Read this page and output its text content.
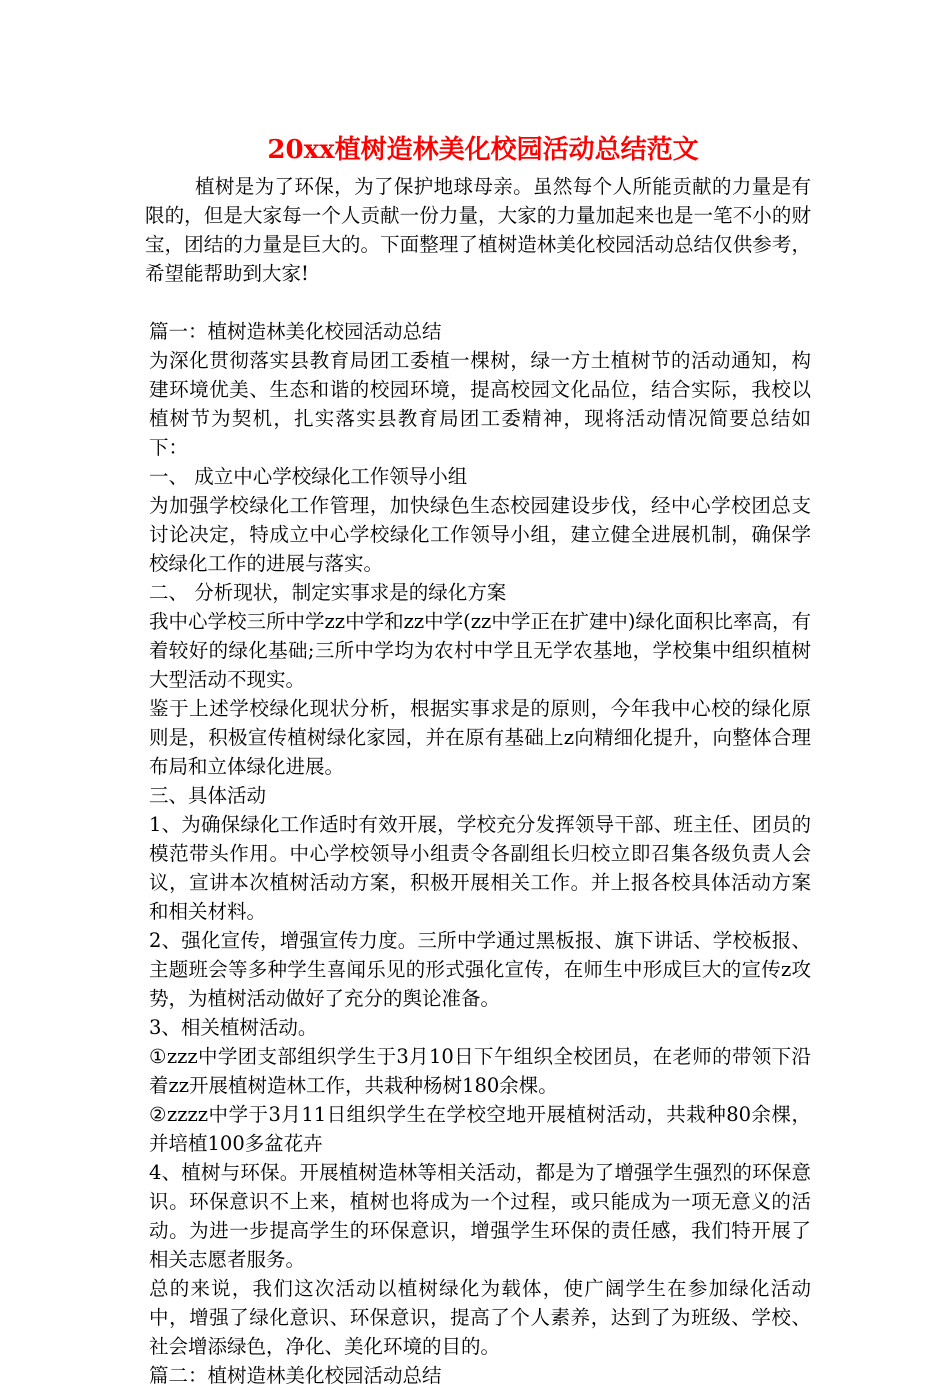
20xx植树造林美化校园活动总结范文

植树是为了环保，为了保护地球母亲。虽然每个人所能贡献的力量是有限的，但是大家每一个人贡献一份力量，大家的力量加起来也是一笔不小的财宝，团结的力量是巨大的。下面整理了植树造林美化校园活动总结仅供参考，希望能帮助到大家!

篇一：植树造林美化校园活动总结

为深化贯彻落实县教育局团工委植一棵树，绿一方土植树节的活动通知，构建环境优美、生态和谐的校园环境，提高校园文化品位，结合实际，我校以植树节为契机，扎实落实县教育局团工委精神，现将活动情况简要总结如下：

一、 成立中心学校绿化工作领导小组

为加强学校绿化工作管理，加快绿色生态校园建设步伐，经中心学校团总支讨论决定，特成立中心学校绿化工作领导小组，建立健全进展机制，确保学校绿化工作的进展与落实。

二、 分析现状，制定实事求是的绿化方案

我中心学校三所中学zz中学和zz中学(zz中学正在扩建中)绿化面积比率高，有着较好的绿化基础;三所中学均为农村中学且无学农基地，学校集中组织植树大型活动不现实。

鉴于上述学校绿化现状分析，根据实事求是的原则，今年我中心校的绿化原则是，积极宣传植树绿化家园，并在原有基础上z向精细化提升，向整体合理布局和立体绿化进展。

三、具体活动

1、为确保绿化工作适时有效开展，学校充分发挥领导干部、班主任、团员的模范带头作用。中心学校领导小组责令各副组长归校立即召集各级负责人会议，宣讲本次植树活动方案，积极开展相关工作。并上报各校具体活动方案和相关材料。

2、强化宣传，增强宣传力度。三所中学通过黑板报、旗下讲话、学校板报、主题班会等多种学生喜闻乐见的形式强化宣传，在师生中形成巨大的宣传z攻势，为植树活动做好了充分的舆论准备。

3、相关植树活动。

①zzz中学团支部组织学生于3月10日下午组织全校团员，在老师的带领下沿着zz开展植树造林工作，共栽种杨树180余棵。

②zzzz中学于3月11日组织学生在学校空地开展植树活动，共栽种80余棵，并培植100多盆花卉

4、植树与环保。开展植树造林等相关活动，都是为了增强学生强烈的环保意识。环保意识不上来，植树也将成为一个过程，或只能成为一项无意义的活动。为进一步提高学生的环保意识，增强学生环保的责任感，我们特开展了相关志愿者服务。

总的来说，我们这次活动以植树绿化为载体，使广阔学生在参加绿化活动中，增强了绿化意识、环保意识，提高了个人素养，达到了为班级、学校、社会增添绿色，净化、美化环境的目的。

篇二：植树造林美化校园活动总结
